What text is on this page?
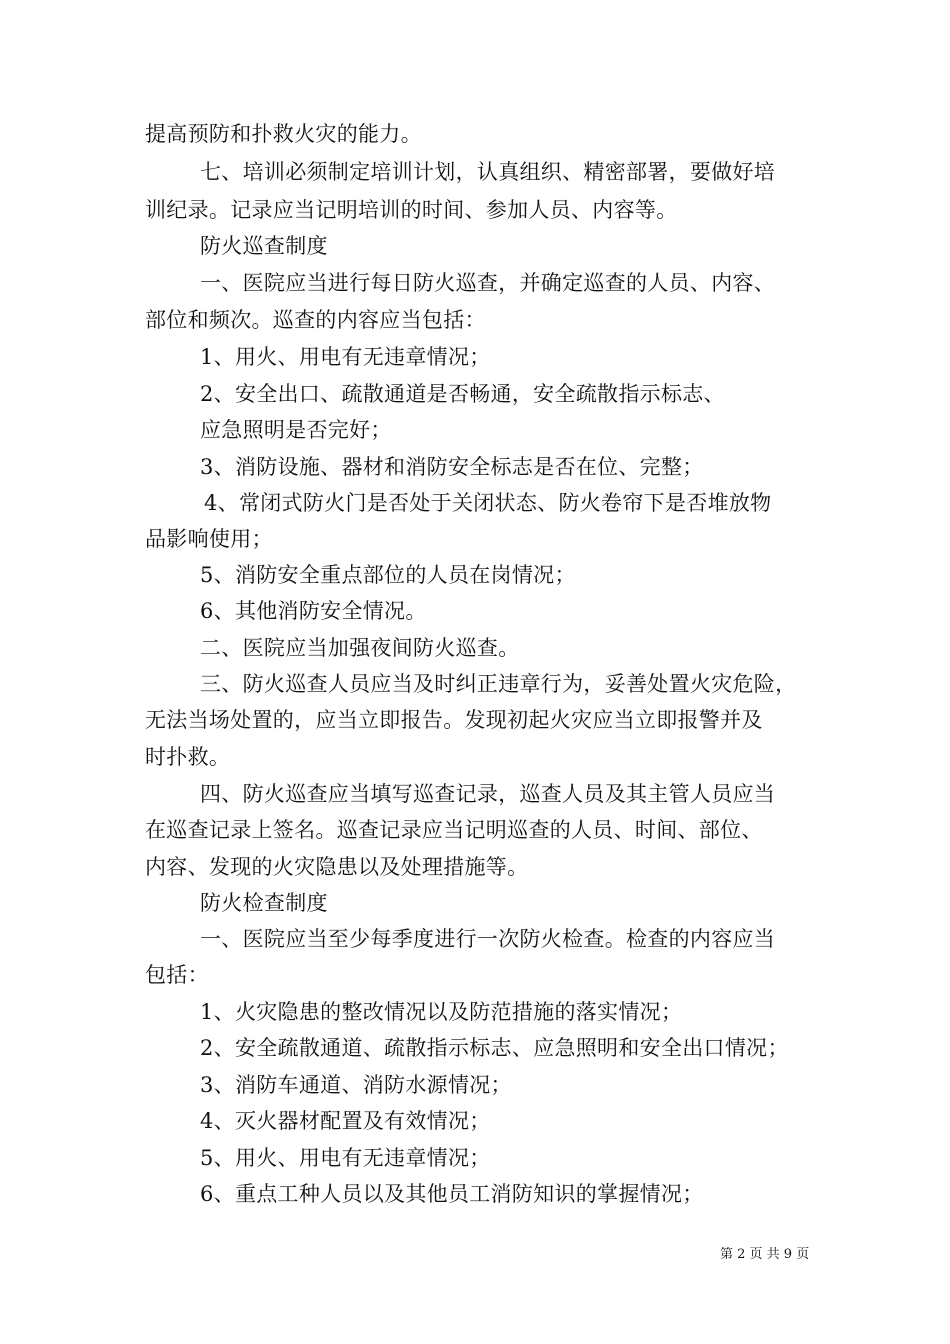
提高预防和扑救火灾的能力。
七、培训必须制定培训计划，认真组织、精密部署，要做好培
训纪录。记录应当记明培训的时间、参加人员、内容等。
防火巡查制度
一、医院应当进行每日防火巡查，并确定巡查的人员、内容、
部位和频次。巡查的内容应当包括：
1、用火、用电有无违章情况；
2、安全出口、疏散通道是否畅通，安全疏散指示标志、
应急照明是否完好；
3、消防设施、器材和消防安全标志是否在位、完整；
4、常闭式防火门是否处于关闭状态、防火卷帘下是否堆放物
品影响使用；
5、消防安全重点部位的人员在岗情况；
6、其他消防安全情况。
二、医院应当加强夜间防火巡查。
三、防火巡查人员应当及时纠正违章行为，妥善处置火灾危险，
无法当场处置的，应当立即报告。发现初起火灾应当立即报警并及
时扑救。
四、防火巡查应当填写巡查记录，巡查人员及其主管人员应当
在巡查记录上签名。巡查记录应当记明巡查的人员、时间、部位、
内容、发现的火灾隐患以及处理措施等。
防火检查制度
一、医院应当至少每季度进行一次防火检查。检查的内容应当
包括：
1、火灾隐患的整改情况以及防范措施的落实情况；
2、安全疏散通道、疏散指示标志、应急照明和安全出口情况；
3、消防车通道、消防水源情况；
4、灭火器材配置及有效情况；
5、用火、用电有无违章情况；
6、重点工种人员以及其他员工消防知识的掌握情况；
第 2 页 共 9 页
